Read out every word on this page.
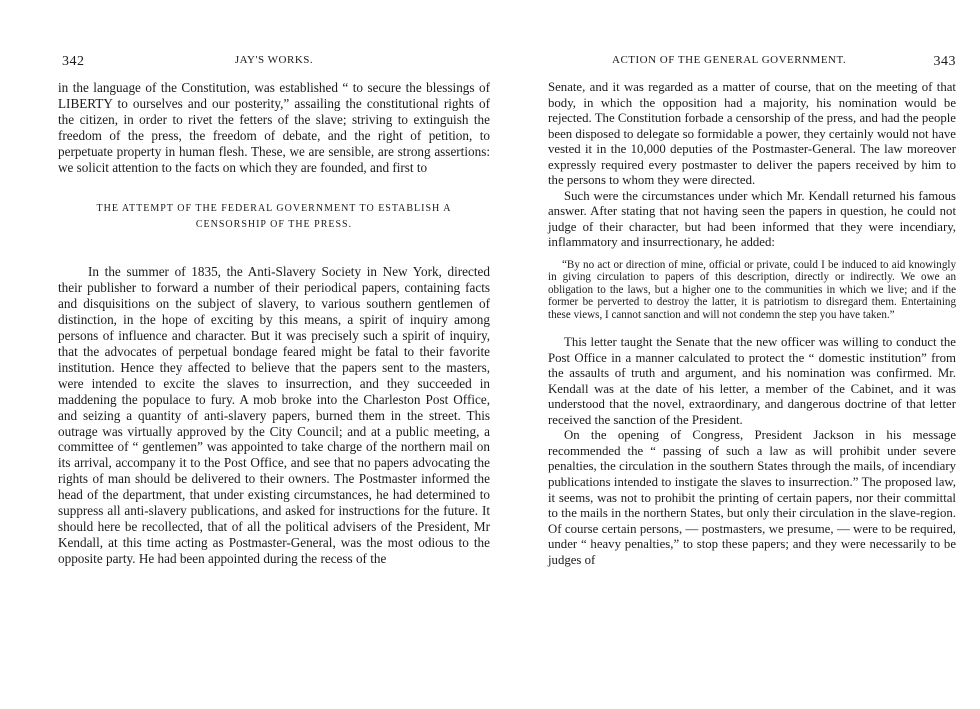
342	JAY'S WORKS.

in the language of the Constitution, was established “ to secure the blessings of LIBERTY to ourselves and our posterity,” assailing the constitutional rights of the citizen, in order to rivet the fetters of the slave; striving to extinguish the freedom of the press, the freedom of debate, and the right of petition, to perpetuate property in human flesh. These, we are sensible, are strong assertions: we solicit attention to the facts on which they are founded, and first to

THE ATTEMPT OF THE FEDERAL GOVERNMENT TO ESTABLISH A
CENSORSHIP OF THE PRESS.

In the summer of 1835, the Anti-Slavery Society in New York, directed their publisher to forward a number of their periodical papers, containing facts and disquisitions on the subject of slavery, to various southern gentlemen of distinction, in the hope of exciting by this means, a spirit of inquiry among persons of influence and character. But it was precisely such a spirit of inquiry, that the advocates of perpetual bondage feared might be fatal to their favorite institution. Hence they affected to believe that the papers sent to the masters, were intended to excite the slaves to insurrection, and they succeeded in maddening the populace to fury. A mob broke into the Charleston Post Office, and seizing a quantity of anti-slavery papers, burned them in the street. This outrage was virtually approved by the City Council; and at a public meeting, a committee of “ gentlemen” was appointed to take charge of the northern mail on its arrival, accompany it to the Post Office, and see that no papers advocating the rights of man should be delivered to their owners. The Postmaster informed the head of the department, that under existing circumstances, he had determined to suppress all anti-slavery publications, and asked for instructions for the future. It should here be recollected, that of all the political advisers of the President, Mr Kendall, at this time acting as Postmaster-General, was the most odious to the opposite party. He had been appointed during the recess of the

ACTION OF THE GENERAL GOVERNMENT.	343

Senate, and it was regarded as a matter of course, that on the meeting of that body, in which the opposition had a majority, his nomination would be rejected. The Constitution forbade a censorship of the press, and had the people been disposed to delegate so formidable a power, they certainly would not have vested it in the 10,000 deputies of the Postmaster-General. The law moreover expressly required every postmaster to deliver the papers received by him to the persons to whom they were directed.

Such were the circumstances under which Mr. Kendall returned his famous answer. After stating that not having seen the papers in question, he could not judge of their character, but had been informed that they were incendiary, inflammatory and insurrectionary, he added:

“By no act or direction of mine, official or private, could I be induced to aid knowingly in giving circulation to papers of this description, directly or indirectly. We owe an obligation to the laws, but a higher one to the communities in which we live; and if the former be perverted to destroy the latter, it is patriotism to disregard them. Entertaining these views, I cannot sanction and will not condemn the step you have taken.”

This letter taught the Senate that the new officer was willing to conduct the Post Office in a manner calculated to protect the “ domestic institution” from the assaults of truth and argument, and his nomination was confirmed. Mr. Kendall was at the date of his letter, a member of the Cabinet, and it was understood that the novel, extraordinary, and dangerous doctrine of that letter received the sanction of the President.

On the opening of Congress, President Jackson in his message recommended the “ passing of such a law as will prohibit under severe penalties, the circulation in the southern States through the mails, of incendiary publications intended to instigate the slaves to insurrection.” The proposed law, it seems, was not to prohibit the printing of certain papers, nor their committal to the mails in the northern States, but only their circulation in the slave-region. Of course certain persons, — postmasters, we presume, — were to be required, under “ heavy penalties,” to stop these papers; and they were necessarily to be judges of
